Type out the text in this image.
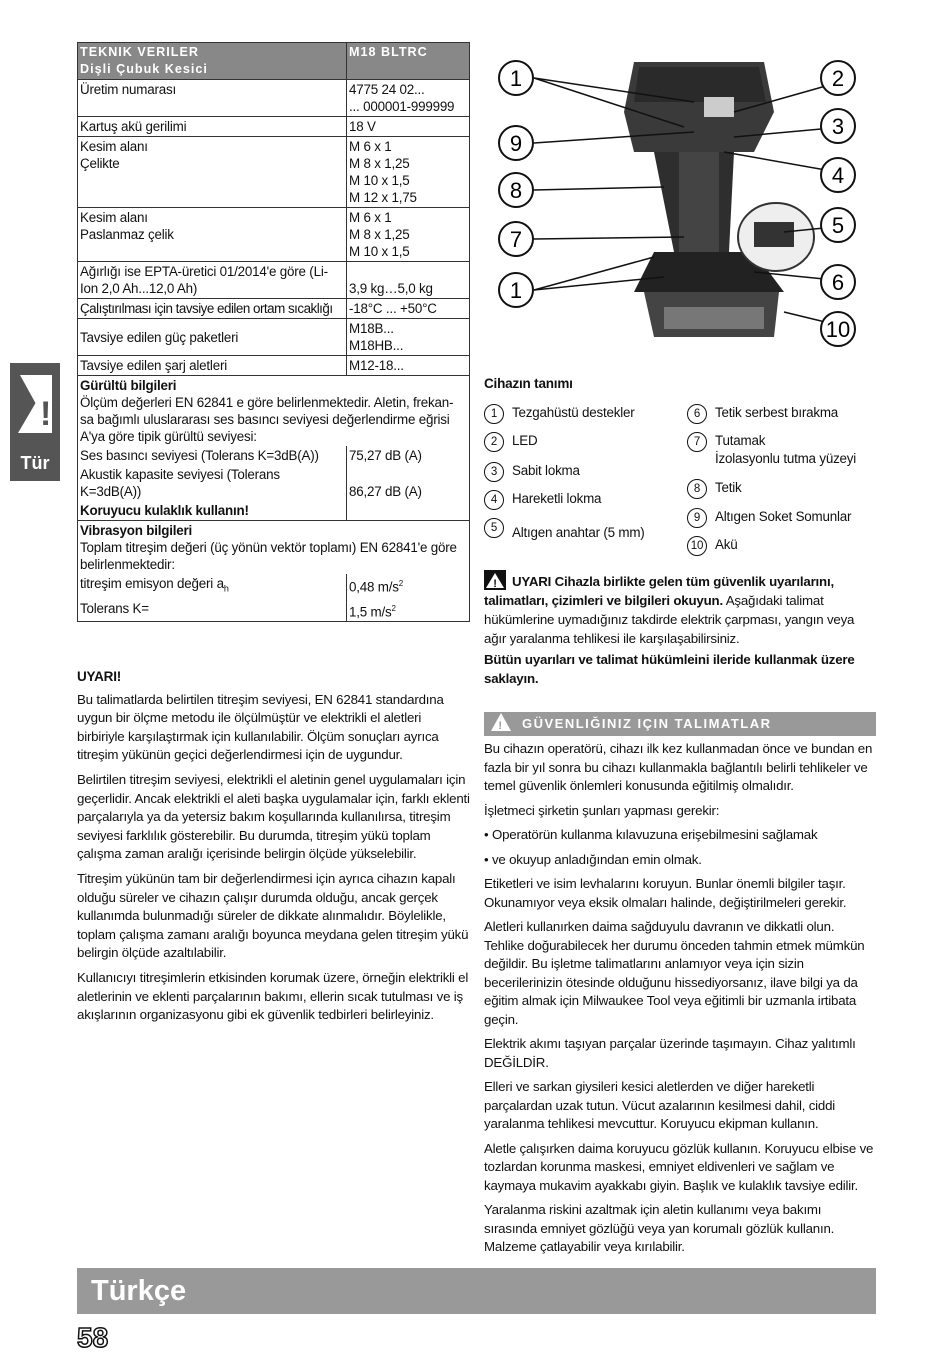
!
Tür
TEKNIK VERILER
Dişli Çubuk Kesici	M18 BLTRC

Üretim numarası	4775 24 02...
... 000001-999999

Kartuş akü gerilimi	18 V

Kesim alanı
Çelikte	M 6 x 1
M 8 x 1,25
M 10 x 1,5
M 12 x 1,75

Kesim alanı
Paslanmaz çelik	M 6 x 1
M 8 x 1,25
M 10 x 1,5

Ağırlığı ise EPTA-üretici 01/2014'e göre (Li-
Ion 2,0 Ah...12,0 Ah)	3,9 kg…5,0 kg

Çalıştırılması için tavsiye edilen ortam sıcaklığı	-18°C ... +50°C

Tavsiye edilen güç paketleri	M18B...
M18HB...

Tavsiye edilen şarj aletleri	M12-18...

Gürültü bilgileri
Ölçüm değerleri EN 62841 e göre belirlenmektedir. Aletin, frekan-
sa bağımlı uluslararası ses basıncı seviyesi değerlendirme eğrisi
A'ya göre tipik gürültü seviyesi:	

Ses basıncı seviyesi (Tolerans K=3dB(A))	75,27 dB (A)

Akustik kapasite seviyesi (Tolerans
K=3dB(A))	86,27 dB (A)

Koruyucu kulaklık kullanın!	

Vibrasyon bilgileri
Toplam titreşim değeri (üç yönün vektör toplamı) EN 62841'e göre
belirlenmektedir:	

titreşim emisyon değeri $a_h$	0,48 $m/s^2$
Tolerans K=	1,5 $m/s^2$
UYARI!

Bu talimatlarda belirtilen titreşim seviyesi, EN 62841 standardına uygun bir ölçme metodu ile ölçülmüştür ve elektrikli el aletleri birbiriyle karşılaştırmak için kullanılabilir. Ölçüm sonuçları ayrıca titreşim yükünün geçici değerlendirmesi için de uygundur.

Belirtilen titreşim seviyesi, elektrikli el aletinin genel uygulamaları için geçerlidir. Ancak elektrikli el aleti başka uygulamalar için, farklı eklenti parçalarıyla ya da yetersiz bakım koşullarında kullanılırsa, titreşim seviyesi farklılık gösterebilir. Bu durumda, titreşim yükü toplam çalışma zaman aralığı içerisinde belirgin ölçüde yükselebilir.

Titreşim yükünün tam bir değerlendirmesi için ayrıca cihazın kapalı olduğu süreler ve cihazın çalışır durumda olduğu, ancak gerçek kullanımda bulunmadığı süreler de dikkate alınmalıdır. Böylelikle, toplam çalışma zamanı aralığı boyunca meydana gelen titreşim yükü belirgin ölçüde azaltılabilir.

Kullanıcıyı titreşimlerin etkisinden korumak üzere, örneğin elektrikli el aletlerinin ve eklenti parçalarının bakımı, ellerin sıcak tutulması ve iş akışlarının organizasyonu gibi ek güvenlik tedbirleri belirleyiniz.

1
9
8
7
1
2
3
4
5
6
10
Cihazın tanımı
1	Tezgahüstü destekler
2	LED
3	Sabit lokma
4	Hareketli lokma
5	Altıgen anahtar (5 mm)
6	Tetik serbest bırakma
7	Tutamak
İzolasyonlu tutma yüzeyi
8	Tetik
9	Altıgen Soket Somunlar
10 Akü

! UYARI Cihazla birlikte gelen tüm güvenlik uyarılarını, talimatları, çizimleri ve bilgileri okuyun. Aşağıdaki talimat hükümlerine uymadığınız takdirde elektrik çarpması, yangın veya ağır yaralanma tehlikesi ile karşılaşabilirsiniz.

Bütün uyarıları ve talimat hükümleini ileride kullanmak üzere saklayın.

! GÜVENLIĞINIZ IÇIN TALIMATLAR

Bu cihazın operatörü, cihazı ilk kez kullanmadan önce ve bundan en fazla bir yıl sonra bu cihazı kullanmakla bağlantılı belirli tehlikeler ve temel güvenlik önlemleri konusunda eğitilmiş olmalıdır.

İşletmeci şirketin şunları yapması gerekir:

• Operatörün kullanma kılavuzuna erişebilmesini sağlamak

• ve okuyup anladığından emin olmak.

Etiketleri ve isim levhalarını koruyun. Bunlar önemli bilgiler taşır. Okunamıyor veya eksik olmaları halinde, değiştirilmeleri gerekir.

Aletleri kullanırken daima sağduyulu davranın ve dikkatli olun. Tehlike doğurabilecek her durumu önceden tahmin etmek mümkün değildir. Bu işletme talimatlarını anlamıyor veya için sizin becerilerinizin ötesinde olduğunu hissediyorsanız, ilave bilgi ya da eğitim almak için Milwaukee Tool veya eğitimli bir uzmanla irtibata geçin.

Elektrik akımı taşıyan parçalar üzerinde taşımayın. Cihaz yalıtımlı DEĞİLDİR.

Elleri ve sarkan giysileri kesici aletlerden ve diğer hareketli parçalardan uzak tutun. Vücut azalarının kesilmesi dahil, ciddi yaralanma tehlikesi mevcuttur. Koruyucu ekipman kullanın.

Aletle çalışırken daima koruyucu gözlük kullanın. Koruyucu elbise ve tozlardan korunma maskesi, emniyet eldivenleri ve sağlam ve kaymaya mukavim ayakkabı giyin. Başlık ve kulaklık tavsiye edilir.

Yaralanma riskini azaltmak için aletin kullanımı veya bakımı sırasında emniyet gözlüğü veya yan korumalı gözlük kullanın. Malzeme çatlayabilir veya kırılabilir.

Türkçe
58
